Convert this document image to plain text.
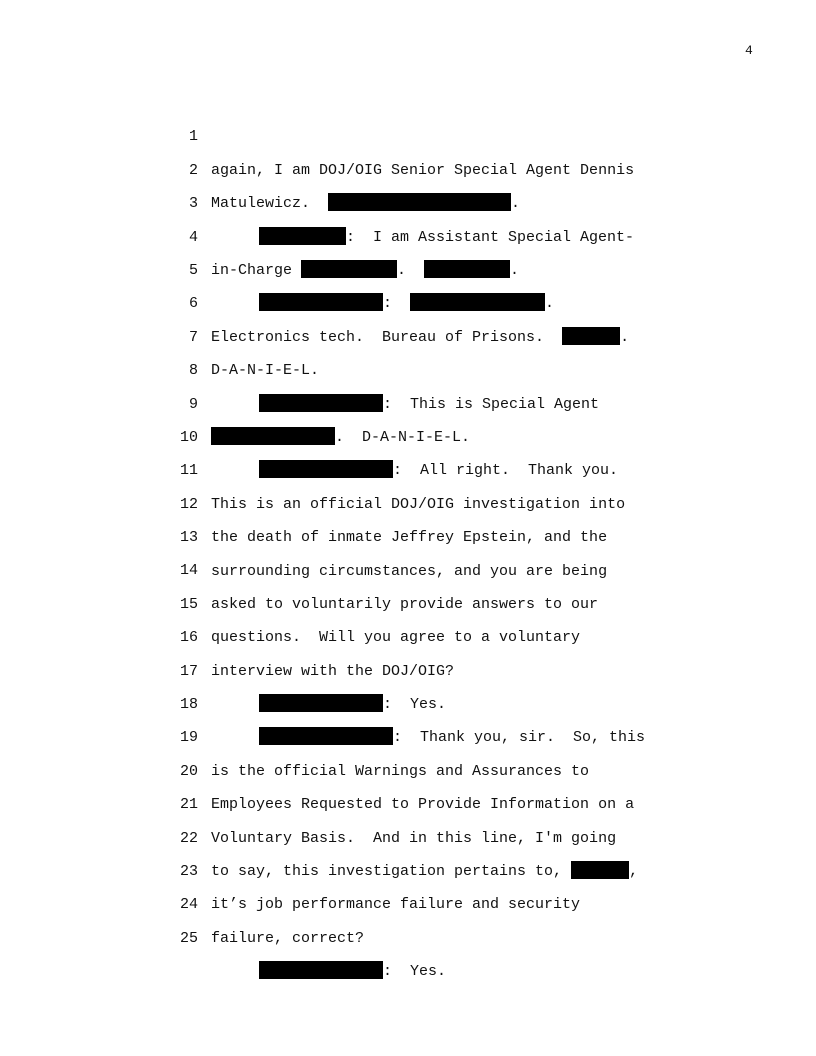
4

1

again, I am DOJ/OIG Senior Special Agent Dennis

2

Matulewicz.	.

3

:  I am Assistant Special Agent-

4

in-Charge	.	.

5

:	.

6

Electronics tech.  Bureau of Prisons.	.

7

D-A-N-I-E-L.

8

:  This is Special Agent

9

.  D-A-N-I-E-L.

10

:  All right.  Thank you.

11

This is an official DOJ/OIG investigation into

12

the death of inmate Jeffrey Epstein, and the

13

surrounding circumstances, and you are being

14

asked to voluntarily provide answers to our

15

questions.  Will you agree to a voluntary

16

interview with the DOJ/OIG?

17

:  Yes.

18

:  Thank you, sir.  So, this

19

is the official Warnings and Assurances to

20

Employees Requested to Provide Information on a

21

Voluntary Basis.  And in this line, I'm going

22

to say, this investigation pertains to,	,

23

it’s job performance failure and security

24

failure, correct?

25

:  Yes.
